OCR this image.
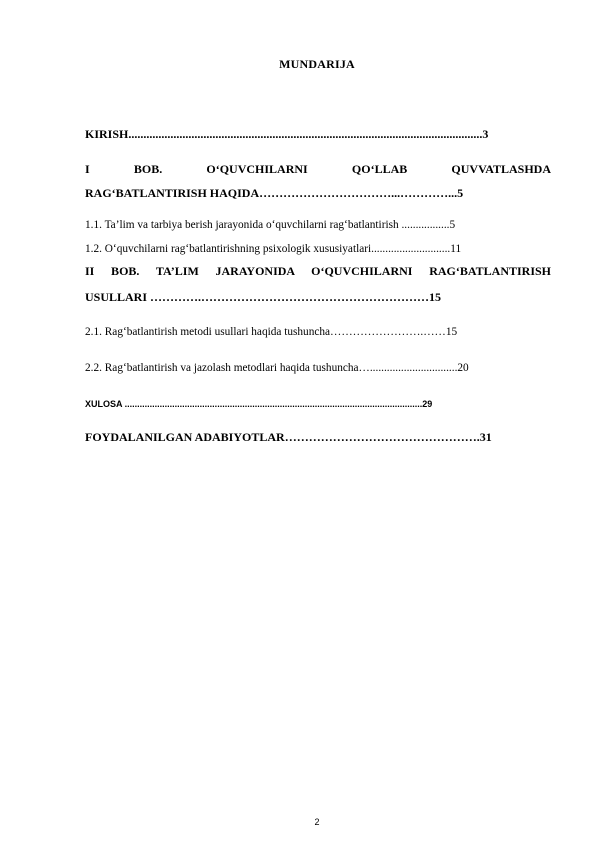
MUNDARIJA
KIRISH......................................................................................................................3
I BOB. O‘QUVCHILARNI QO‘LLAB QUVVATLASHDA
RAG‘BATLANTIRISH HAQIDA……………………………...…………...5
1.1. Ta’lim va tarbiya berish jarayonida o‘quvchilarni rag‘batlantirish .................5
1.2. O‘quvchilarni rag‘batlantirishning psixologik xususiyatlari............................11
II BOB. TA’LIM JARAYONIDA O‘QUVCHILARNI RAG‘BATLANTIRISH
USULLARI ………….…………………………………………………15
2.1. Rag‘batlantirish metodi usullari haqida tushuncha…………………….……15
2.2. Rag‘batlantirish va jazolash metodlari haqida tushuncha…...............................20
XULOSA .......................................................................................................................29
FOYDALANILGAN ADABIYOTLAR………………………………………….31
2
